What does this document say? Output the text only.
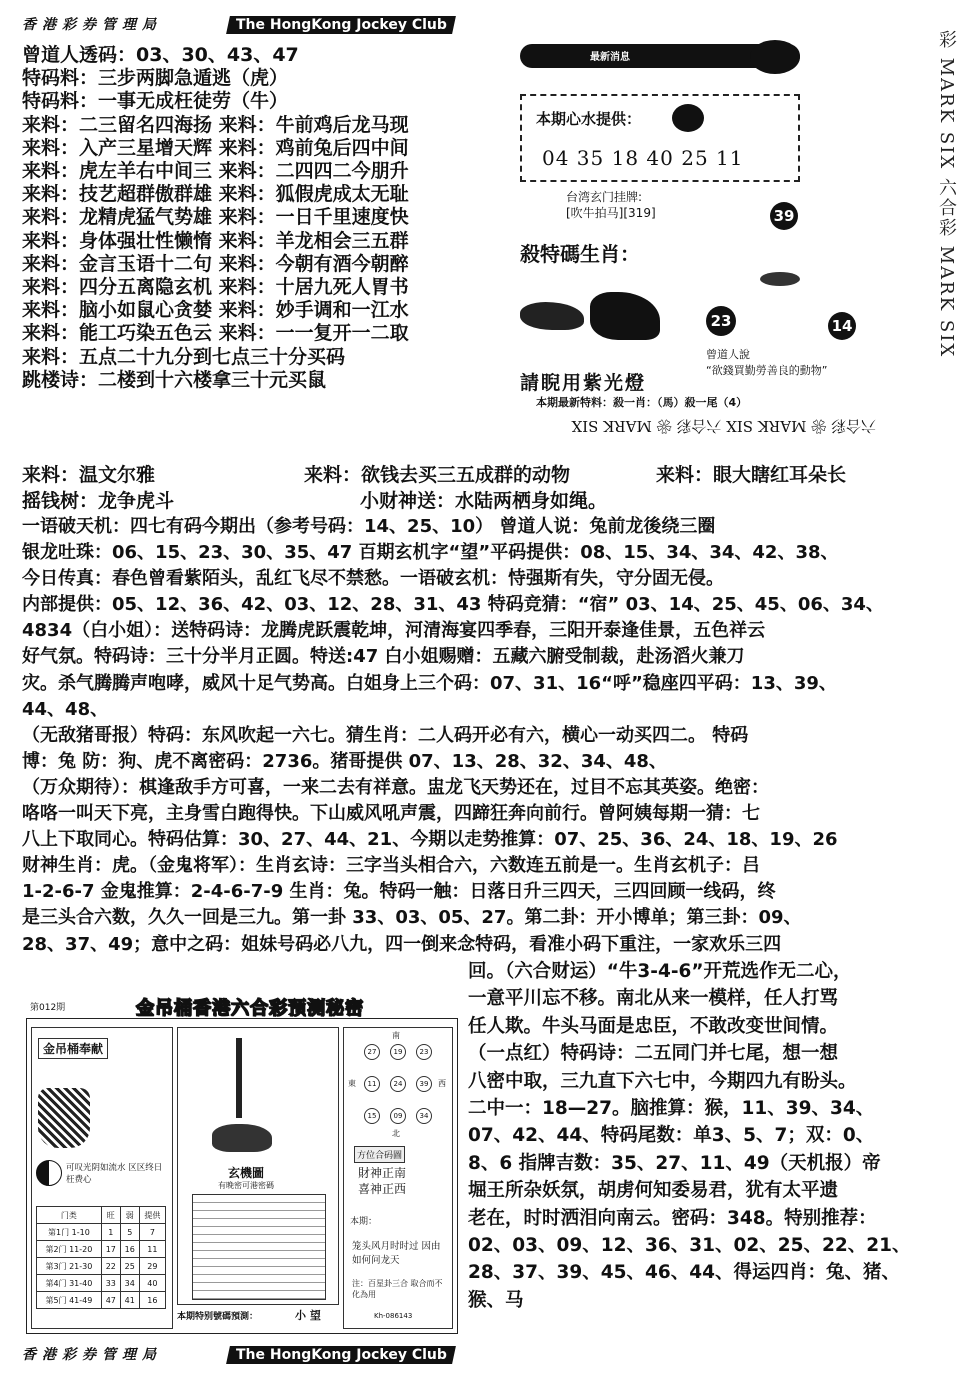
香港彩券管理局	The HongKong Jockey Club
曾道人透码：03、30、43、47
特码料：三步两脚急遁逃（虎）
特码料：一事无成枉徒劳（牛）
来料：二三留名四海扬 来料：牛前鸡后龙马现
来料：入产三星增天辉 来料：鸡前兔后四中间
来料：虎左羊右中间三 来料：二四四二今朋升
来料：技艺超群傲群雄 来料：狐假虎成太无耻
来料：龙精虎猛气势雄 来料：一日千里速度快
来料：身体强壮性懒惰 来料：羊龙相会三五群
来料：金言玉语十二句 来料：今朝有酒今朝醉
来料：四分五离隐玄机 来料：十居九死人胃书
来料：脑小如鼠心贪婪 来料：妙手调和一江水
来料：能工巧染五色云 来料：一一复开一二取
来料：五点二十九分到七点三十分买码
跳楼诗：二楼到十六楼拿三十元买鼠
最新消息
本期心水提供：
04 35 18 40 25 11
台湾玄门挂牌:
[吹牛拍马][319]	39
殺特碼生肖：
23	14
請睨用紫光燈
曾道人說
“欲錢買勤勞善良的動物”
本期最新特料：殺一肖：（馬）殺一尾（4）
六合彩 ❀ MARK SIX 六合彩 ❀ MARK SIX
彩 MARK SIX
六合彩 MARK SIX
来料：温文尔雅	来料：欲钱去买三五成群的动物	来料：眼大瞎红耳朵长
摇钱树：龙争虎斗	小财神送：水陆两栖身如绳。
一语破天机：四七有码今期出（参考号码：14、25、10） 曾道人说：兔前龙後绕三圈
银龙吐珠：06、15、23、30、35、47 百期玄机字“望”平码提供：08、15、34、34、42、38、
今日传真：春色曾看紫陌头，乱红飞尽不禁愁。一语破玄机：恃强斯有失，守分固无侵。
内部提供：05、12、36、42、03、12、28、31、43 特码竞猜：“宿” 03、14、25、45、06、34、
4834（白小姐）：送特码诗：龙腾虎跃震乾坤，河清海宴四季春，三阳开泰逢佳景，五色祥云
好气氛。特码诗：三十分半月正圆。特送:47 白小姐赐赠：五藏六腑受制裁，赴汤滔火兼刀
灾。杀气腾腾声咆哮，威风十足气势高。白姐身上三个码：07、31、16“呼”稳座四平码：13、39、
44、48、
（无敌猪哥报）特码：东风吹起一六七。猜生肖：二人码开必有六，横心一动买四二。 特码
博：兔 防：狗、虎不离密码：2736。猪哥提供 07、13、28、32、34、48、
（万众期待）：棋逢敌手方可喜，一来二去有祥意。盅龙飞天势还在，过目不忘其英姿。绝密：
咯咯一叫天下亮，主身雪白跑得快。下山威风吼声震，四蹄狂奔向前行。曾阿姨每期一猜：七
八上下取同心。特码估算：30、27、44、21、今期以走势推算：07、25、36、24、18、19、26
财神生肖：虎。（金鬼将军）：生肖玄诗：三字当头相合六，六数连五前是一。生肖玄机子：吕
1-2-6-7 金鬼推算：2-4-6-7-9 生肖：兔。特码一触：日落日升三四天，三四回顾一线码，终
是三头合六数，久久一回是三九。第一卦 33、03、05、27。第二卦：开小博单；第三卦：09、
28、37、49；意中之码：姐妹号码必八九，四一倒来念特码，看准小码下重注，一家欢乐三四
回。（六合财运）“牛3-4-6”开荒选作无二心，
一意平川忘不移。南北从来一模样，任人打骂
任人欺。牛头马面是忠臣，不敢改变世间情。
（一点红）特码诗：二五同门并七尾，想一想
八密中取，三九直下六七中，今期四九有盼头。
二中一：18—27。脑推算：猴，11、39、34、
07、42、44、特码尾数：单3、5、7；双：0、
8、6 指牌吉数：35、27、11、49（天机报）帝
堀王所杂妖氛，胡虏何知委易君，犹有太平遗
老在，时时洒泪向南云。密码：348。特别推荐：
02、03、09、12、36、31、02、25、22、21、
28、37、39、45、46、44、得运四肖：兔、猪、
猴、马
第012期	金吊桶香港六合彩预测秘密
金吊桶奉献
可叹光阴如流水 区区终日枉费心
门类	旺	弱	提供
第1门 1-10	1	5	7
第2门 11-20	17	16	11
第3门 21-30	22	25	29
第4门 31-40	33	34	40
第5门 41-49	47	41	16
玄機圖
有晚密可港密碼
南
北
東	西
27	19	23
11	24	39
15	09	34
方位合码圖
財神正南
喜神正西
本期：
笼头风月时时过 因由如何问龙天
注：百星卦三合 取合而不化為用
Kh-086143
本期特别號碼預測：	小 望
香港彩券管理局	The HongKong Jockey Club
